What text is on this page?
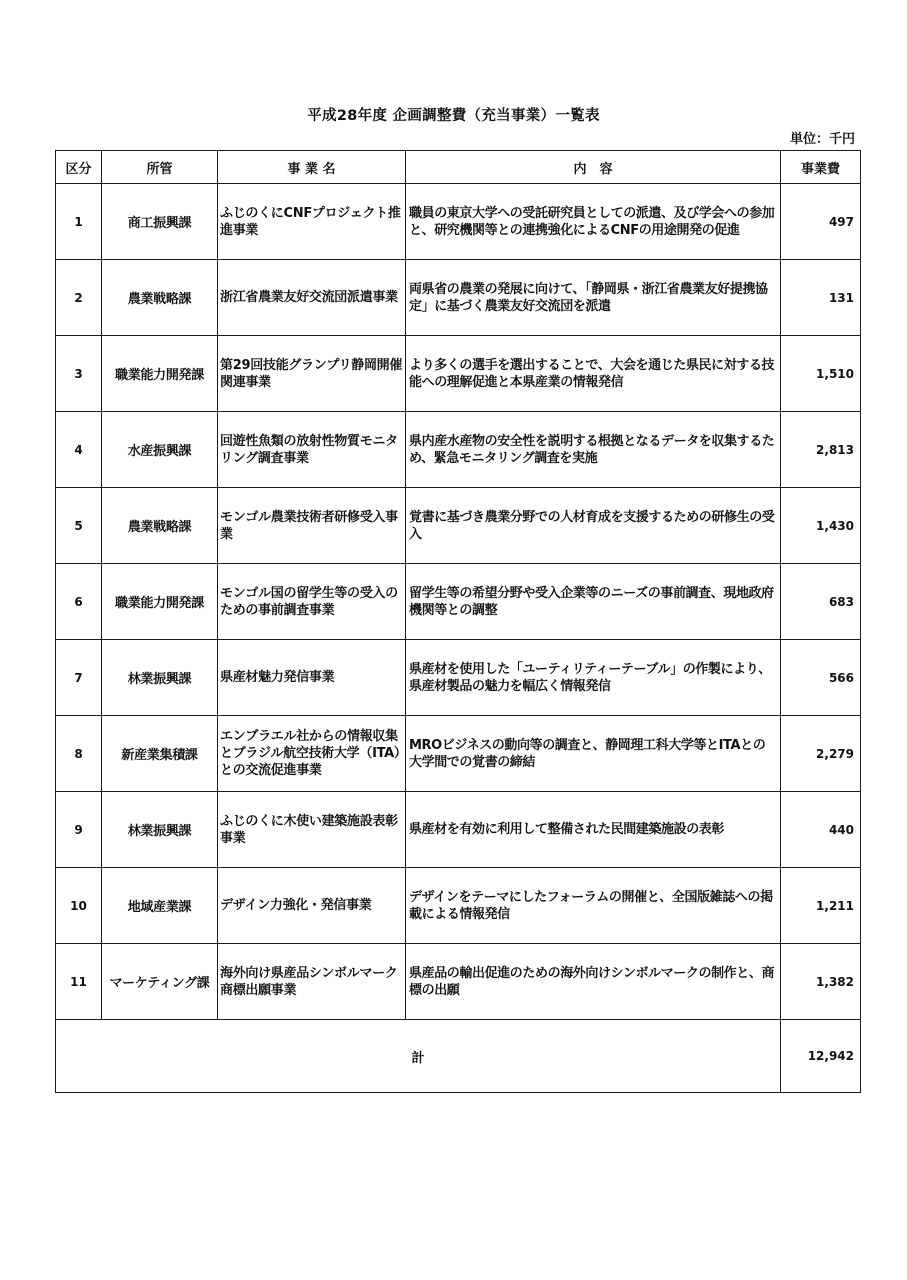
平成28年度 企画調整費（充当事業）一覧表
単位：千円
区分	所管	事 業 名	内　容	事業費
1	商工振興課	ふじのくにCNFプロジェクト推進事業	職員の東京大学への受託研究員としての派遣、及び学会への参加と、研究機関等との連携強化によるCNFの用途開発の促進	497
2	農業戦略課	浙江省農業友好交流団派遣事業	両県省の農業の発展に向けて、「静岡県・浙江省農業友好提携協定」に基づく農業友好交流団を派遣	131
3	職業能力開発課	第29回技能グランプリ静岡開催関連事業	より多くの選手を選出することで、大会を通じた県民に対する技能への理解促進と本県産業の情報発信	1,510
4	水産振興課	回遊性魚類の放射性物質モニタリング調査事業	県内産水産物の安全性を説明する根拠となるデータを収集するため、緊急モニタリング調査を実施	2,813
5	農業戦略課	モンゴル農業技術者研修受入事業	覚書に基づき農業分野での人材育成を支援するための研修生の受入	1,430
6	職業能力開発課	モンゴル国の留学生等の受入のための事前調査事業	留学生等の希望分野や受入企業等のニーズの事前調査、現地政府機関等との調整	683
7	林業振興課	県産材魅力発信事業	県産材を使用した「ユーティリティーテーブル」の作製により、県産材製品の魅力を幅広く情報発信	566
8	新産業集積課	エンブラエル社からの情報収集とブラジル航空技術大学（ITA）との交流促進事業	MROビジネスの動向等の調査と、静岡理工科大学等とITAとの大学間での覚書の締結	2,279
9	林業振興課	ふじのくに木使い建築施設表彰事業	県産材を有効に利用して整備された民間建築施設の表彰	440
10	地域産業課	デザイン力強化・発信事業	デザインをテーマにしたフォーラムの開催と、全国版雑誌への掲載による情報発信	1,211
11	マーケティング課	海外向け県産品シンボルマーク商標出願事業	県産品の輸出促進のための海外向けシンボルマークの制作と、商標の出願	1,382
計				12,942
